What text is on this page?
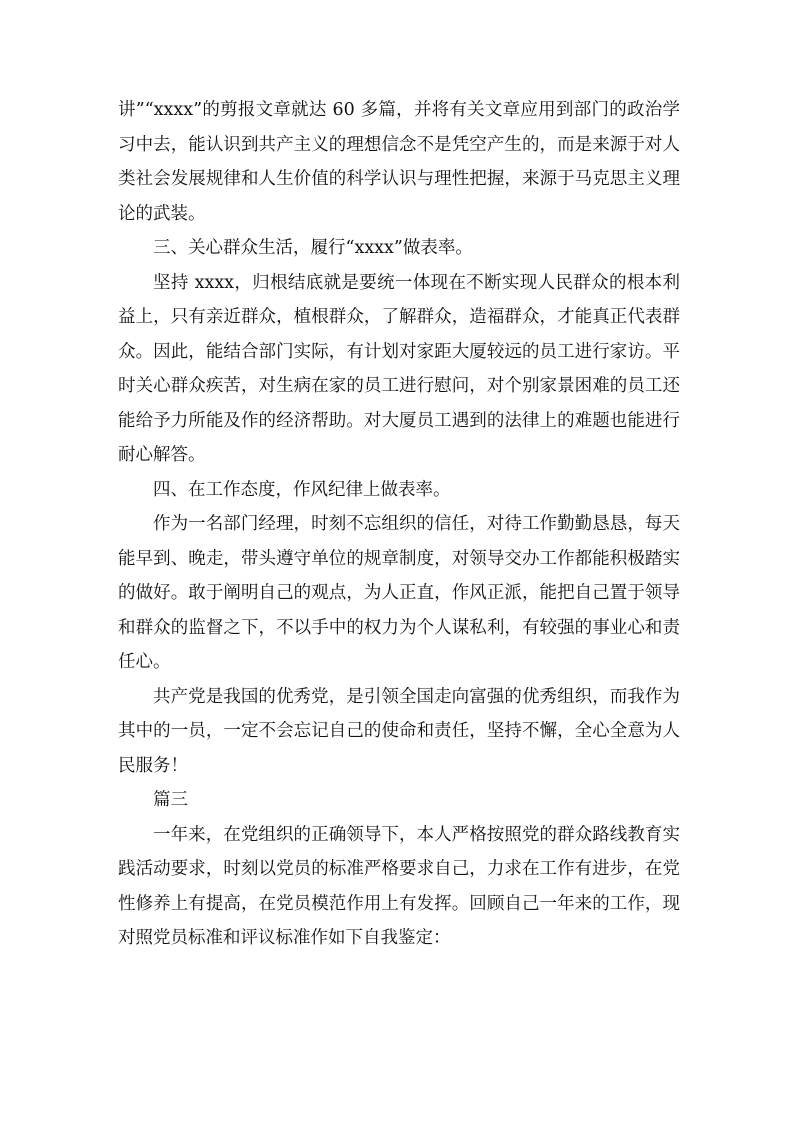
讲”“xxxx”的剪报文章就达 60 多篇，并将有关文章应用到部门的政治学习中去，能认识到共产主义的理想信念不是凭空产生的，而是来源于对人类社会发展规律和人生价值的科学认识与理性把握，来源于马克思主义理论的武装。

三、关心群众生活，履行“xxxx”做表率。

坚持 xxxx，归根结底就是要统一体现在不断实现人民群众的根本利益上，只有亲近群众，植根群众，了解群众，造福群众，才能真正代表群众。因此，能结合部门实际，有计划对家距大厦较远的员工进行家访。平时关心群众疾苦，对生病在家的员工进行慰问，对个别家景困难的员工还能给予力所能及作的经济帮助。对大厦员工遇到的法律上的难题也能进行耐心解答。

四、在工作态度，作风纪律上做表率。

作为一名部门经理，时刻不忘组织的信任，对待工作勤勤恳恳，每天能早到、晚走，带头遵守单位的规章制度，对领导交办工作都能积极踏实的做好。敢于阐明自己的观点，为人正直，作风正派，能把自己置于领导和群众的监督之下，不以手中的权力为个人谋私利，有较强的事业心和责任心。

共产党是我国的优秀党，是引领全国走向富强的优秀组织，而我作为其中的一员，一定不会忘记自己的使命和责任，坚持不懈，全心全意为人民服务！

篇三

一年来，在党组织的正确领导下，本人严格按照党的群众路线教育实践活动要求，时刻以党员的标准严格要求自己，力求在工作有进步，在党性修养上有提高，在党员模范作用上有发挥。回顾自己一年来的工作，现对照党员标准和评议标准作如下自我鉴定：
